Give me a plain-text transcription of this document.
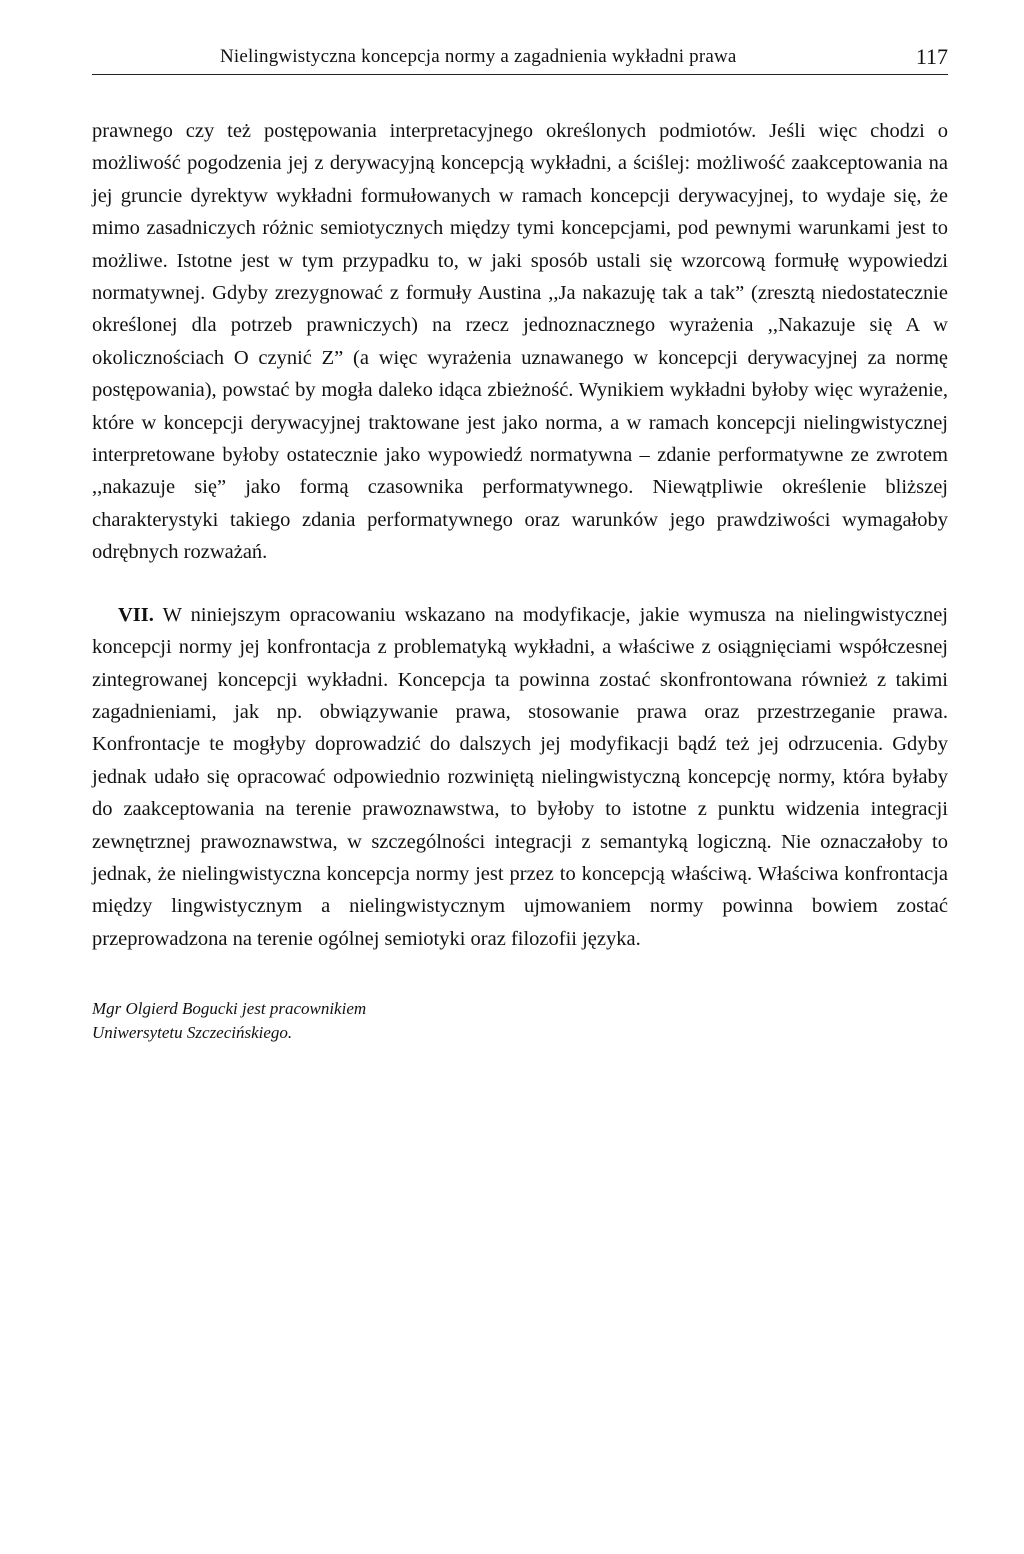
Nielingwistyczna koncepcja normy a zagadnienia wykładni prawa	117

prawnego czy też postępowania interpretacyjnego określonych podmiotów. Jeśli więc chodzi o możliwość pogodzenia jej z derywacyjną koncepcją wykładni, a ściślej: możliwość zaakceptowania na jej gruncie dyrektyw wykładni formułowanych w ramach koncepcji derywacyjnej, to wydaje się, że mimo zasadniczych różnic semiotycznych między tymi koncepcjami, pod pewnymi warunkami jest to możliwe. Istotne jest w tym przypadku to, w jaki sposób ustali się wzorcową formułę wypowiedzi normatywnej. Gdyby zrezygnować z formuły Austina ,,Ja nakazuję tak a tak” (zresztą niedostatecznie określonej dla potrzeb prawniczych) na rzecz jednoznacznego wyrażenia ,,Nakazuje się A w okolicznościach O czynić Z” (a więc wyrażenia uznawanego w koncepcji derywacyjnej za normę postępowania), powstać by mogła daleko idąca zbieżność. Wynikiem wykładni byłoby więc wyrażenie, które w koncepcji derywacyjnej traktowane jest jako norma, a w ramach koncepcji nielingwistycznej interpretowane byłoby ostatecznie jako wypowiedź normatywna – zdanie performatywne ze zwrotem ,,nakazuje się” jako formą czasownika performatywnego. Niewątpliwie określenie bliższej charakterystyki takiego zdania performatywnego oraz warunków jego prawdziwości wymagałoby odrębnych rozważań.

VII. W niniejszym opracowaniu wskazano na modyfikacje, jakie wymusza na nielingwistycznej koncepcji normy jej konfrontacja z problematyką wykładni, a właściwe z osiągnięciami współczesnej zintegrowanej koncepcji wykładni. Koncepcja ta powinna zostać skonfrontowana również z takimi zagadnieniami, jak np. obwiązywanie prawa, stosowanie prawa oraz przestrzeganie prawa. Konfrontacje te mogłyby doprowadzić do dalszych jej modyfikacji bądź też jej odrzucenia. Gdyby jednak udało się opracować odpowiednio rozwiniętą nielingwistyczną koncepcję normy, która byłaby do zaakceptowania na terenie prawoznawstwa, to byłoby to istotne z punktu widzenia integracji zewnętrznej prawoznawstwa, w szczególności integracji z semantyką logiczną. Nie oznaczałoby to jednak, że nielingwistyczna koncepcja normy jest przez to koncepcją właściwą. Właściwa konfrontacja między lingwistycznym a nielingwistycznym ujmowaniem normy powinna bowiem zostać przeprowadzona na terenie ogólnej semiotyki oraz filozofii języka.

Mgr Olgierd Bogucki jest pracownikiem
Uniwersytetu Szczecińskiego.
